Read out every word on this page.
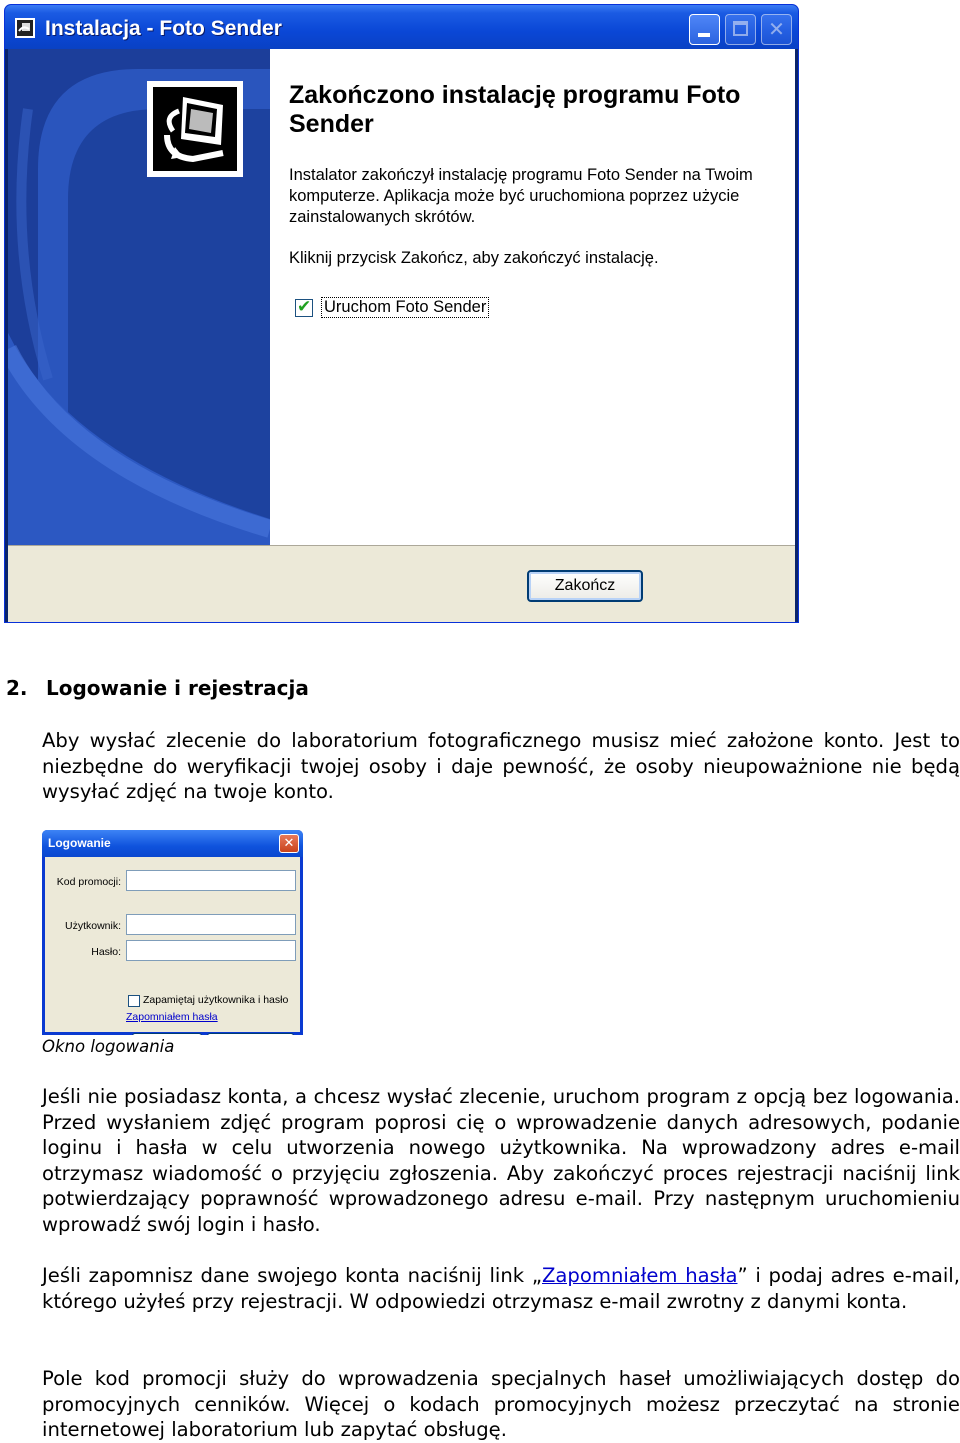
Instalacja - Foto Sender	✕
Zakończono instalację programu Foto Sender
Instalator zakończył instalację programu Foto Sender na Twoim komputerze. Aplikacja może być uruchomiona poprzez użycie zainstalowanych skrótów.
Kliknij przycisk Zakończ, aby zakończyć instalację.
✔ Uruchom Foto Sender
Zakończ
2. Logowanie i rejestracja

Aby wysłać zlecenie do laboratorium fotograficznego musisz mieć założone konto. Jest to niezbędne do weryfikacji twojej osoby i daje pewność, że osoby nieupoważnione nie będą wysyłać zdjęć na twoje konto.

Logowanie	✕
Kod promocji:
Użytkownik:
Hasło:
Zapamiętaj użytkownika i hasło
Zapomniałem hasła
Okno logowania

Jeśli nie posiadasz konta, a chcesz wysłać zlecenie, uruchom program z opcją bez logowania. Przed wysłaniem zdjęć program poprosi cię o wprowadzenie danych adresowych, podanie loginu i hasła w celu utworzenia nowego użytkownika. Na wprowadzony adres e-mail otrzymasz wiadomość o przyjęciu zgłoszenia. Aby zakończyć proces rejestracji naciśnij link potwierdzający poprawność wprowadzonego adresu e-mail. Przy następnym uruchomieniu wprowadź swój login i hasło.

Jeśli zapomnisz dane swojego konta naciśnij link „Zapomniałem hasła” i podaj adres e-mail, którego użyłeś przy rejestracji. W odpowiedzi otrzymasz e-mail zwrotny z danymi konta.

Pole kod promocji służy do wprowadzenia specjalnych haseł umożliwiających dostęp do promocyjnych cenników. Więcej o kodach promocyjnych możesz przeczytać na stronie internetowej laboratorium lub zapytać obsługę.
